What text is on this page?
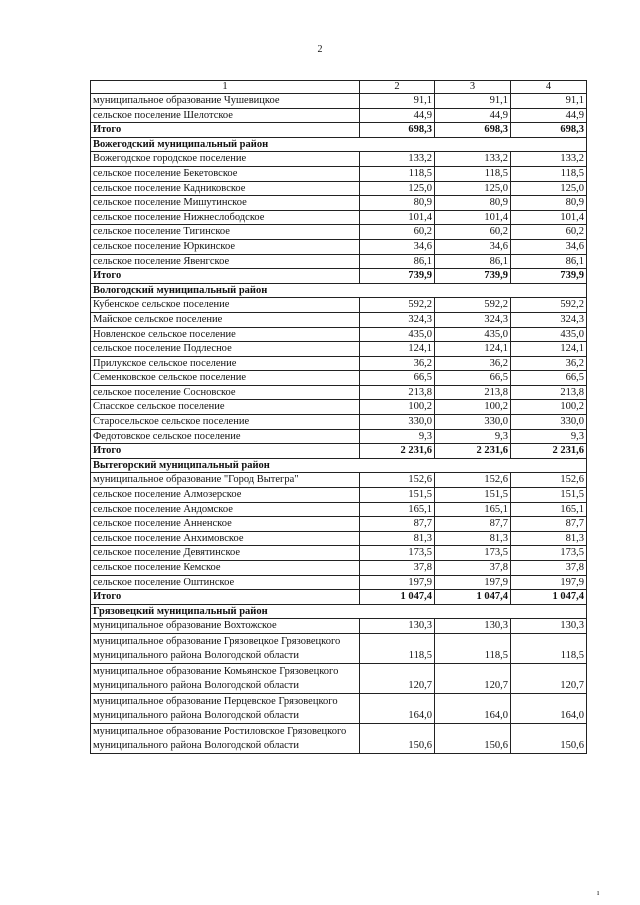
2
1	2	3	4
муниципальное образование Чушевицкое	91,1	91,1	91,1
сельское поселение Шелотское	44,9	44,9	44,9
Итого	698,3	698,3	698,3
Вожегодский муниципальный район			
Вожегодское городское поселение	133,2	133,2	133,2
сельское поселение Бекетовское	118,5	118,5	118,5
сельское поселение Кадниковское	125,0	125,0	125,0
сельское поселение Мишутинское	80,9	80,9	80,9
сельское поселение Нижнеслободское	101,4	101,4	101,4
сельское поселение Тигинское	60,2	60,2	60,2
сельское поселение Юркинское	34,6	34,6	34,6
сельское поселение Явенгское	86,1	86,1	86,1
Итого	739,9	739,9	739,9
Вологодский муниципальный район			
Кубенское сельское поселение	592,2	592,2	592,2
Майское сельское поселение	324,3	324,3	324,3
Новленское сельское поселение	435,0	435,0	435,0
сельское поселение Подлесное	124,1	124,1	124,1
Прилукское сельское поселение	36,2	36,2	36,2
Семенковское сельское поселение	66,5	66,5	66,5
сельское поселение Сосновское	213,8	213,8	213,8
Спасское сельское поселение	100,2	100,2	100,2
Старосельское сельское поселение	330,0	330,0	330,0
Федотовское сельское поселение	9,3	9,3	9,3
Итого	2 231,6	2 231,6	2 231,6
Вытегорский муниципальный район			
муниципальное образование "Город Вытегра"	152,6	152,6	152,6
сельское поселение Алмозерское	151,5	151,5	151,5
сельское поселение Андомское	165,1	165,1	165,1
сельское поселение Анненское	87,7	87,7	87,7
сельское поселение Анхимовское	81,3	81,3	81,3
сельское поселение Девятинское	173,5	173,5	173,5
сельское поселение Кемское	37,8	37,8	37,8
сельское поселение Оштинское	197,9	197,9	197,9
Итого	1 047,4	1 047,4	1 047,4
Грязовецкий муниципальный район			
муниципальное образование Вохтожское	130,3	130,3	130,3
муниципальное образование Грязовецкое Грязовецкого муниципального района Вологодской области	118,5	118,5	118,5
муниципальное образование Комьянское Грязовецкого муниципального района Вологодской области	120,7	120,7	120,7
муниципальное образование Перцевское Грязовецкого муниципального района Вологодской области	164,0	164,0	164,0
муниципальное образование Ростиловское Грязовецкого муниципального района Вологодской области	150,6	150,6	150,6
ı
